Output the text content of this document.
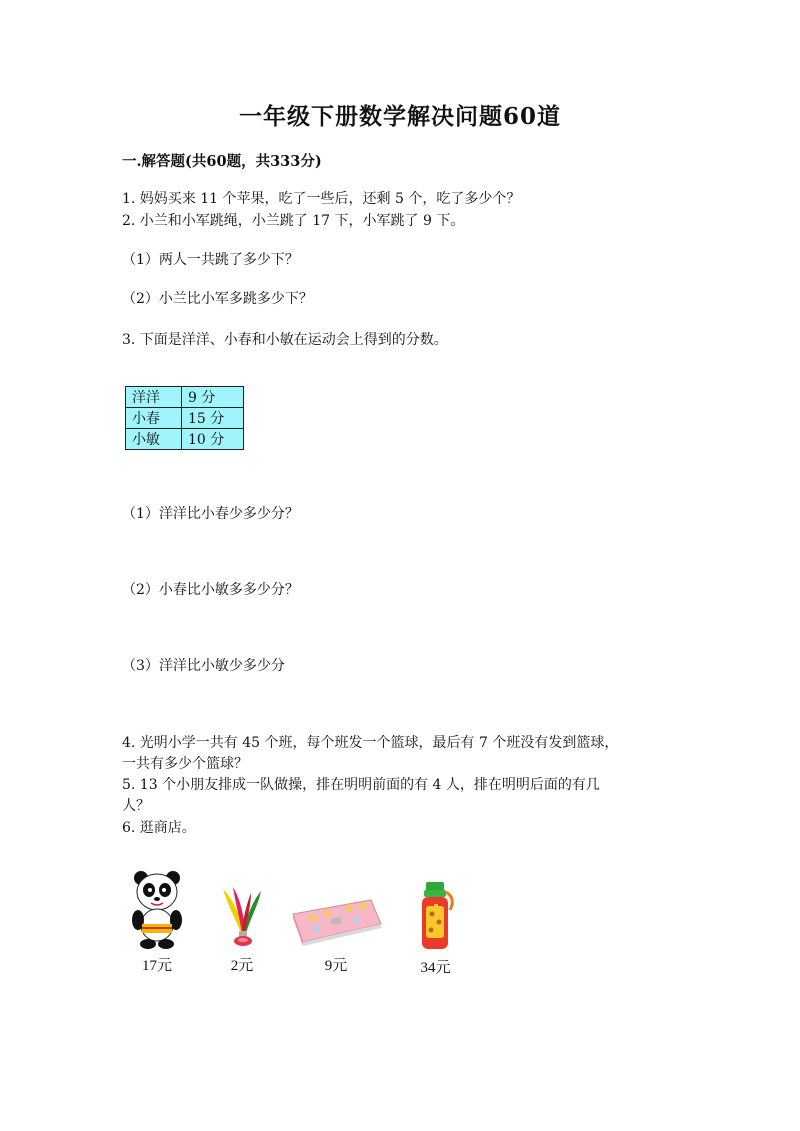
一年级下册数学解决问题60道
一.解答题(共60题，共333分)
1. 妈妈买来 11 个苹果，吃了一些后，还剩 5 个，吃了多少个？
2. 小兰和小军跳绳，小兰跳了 17 下，小军跳了 9 下。
（1）两人一共跳了多少下？
（2）小兰比小军多跳多少下？
3. 下面是洋洋、小春和小敏在运动会上得到的分数。
洋洋	9 分
小春	15 分
小敏	10 分
（1）洋洋比小春少多少分？
（2）小春比小敏多多少分？
（3）洋洋比小敏少多少分
4. 光明小学一共有 45 个班，每个班发一个篮球，最后有 7 个班没有发到篮球，
一共有多少个篮球？
5. 13 个小朋友排成一队做操，排在明明前面的有 4 人，排在明明后面的有几
人？
6. 逛商店。
17元	2元	9元	34元
